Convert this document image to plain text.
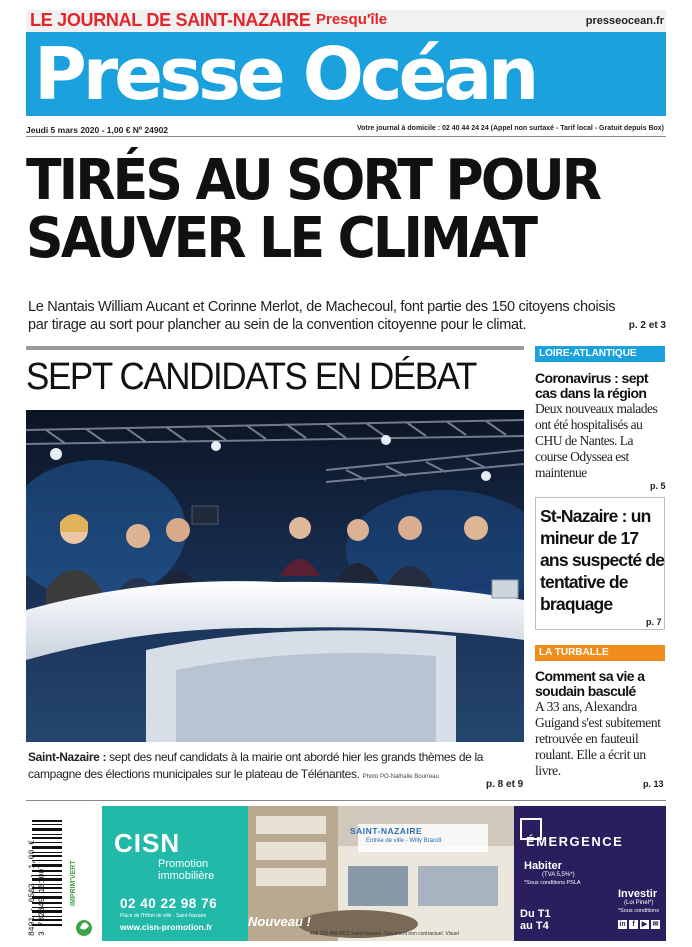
LE JOURNAL DE SAINT-NAZAIRE Presqu'île	presseocean.fr
Presse Océan
Jeudi 5 mars 2020 - 1,00 € Nº 24902	Votre journal à domicile : 02 40 44 24 24 (Appel non surtaxé - Tarif local - Gratuit depuis Box)
TIRÉS AU SORT POUR
SAUVER LE CLIMAT
Le Nantais William Aucant et Corinne Merlot, de Machecoul, font partie des 150 citoyens choisis par tirage au sort pour plancher au sein de la convention citoyenne pour le climat.	p. 2 et 3
SEPT CANDIDATS EN DÉBAT
Saint-Nazaire : sept des neuf candidats à la mairie ont abordé hier les grands thèmes de la campagne des élections municipales sur le plateau de Télénantes. Photo PO-Nathalie Bourreau
p. 8 et 9
LOIRE-ATLANTIQUE
Coronavirus : sept cas dans la région
Deux nouveaux malades ont été hospitalisés au CHU de Nantes. La course Odyssea est maintenue
p. 5
St-Nazaire : un mineur de 17 ans suspecté de tentative de braquage
p. 7
LA TURBALLE
Comment sa vie a soudain basculé
A 33 ans, Alexandra Guigand s'est subitement retrouvée en fauteuil roulant. Elle a écrit un livre.
p. 13
8491 - 0503 - 1,00 € 3 782849 101007	IMPRIM'VERT
CISN
Promotion
immobilière
02 40 22 98 76
Place de l'Hôtel de ville · Saint-Nazaire
www.cisn-promotion.fr
SAINT-NAZAIRE
Entrée de ville - Willy Brandt
Nouveau !
408 226 488 RCS Saint-Nazaire. Document non contractuel. Visuel
ÉMERGENCE
Habiter
(TVA 5,5%*)
*Sous conditions PSLA
Investir
(Loi Pinel*)
*Sous conditions
Du T1 au T4	in f	▶ ✉
